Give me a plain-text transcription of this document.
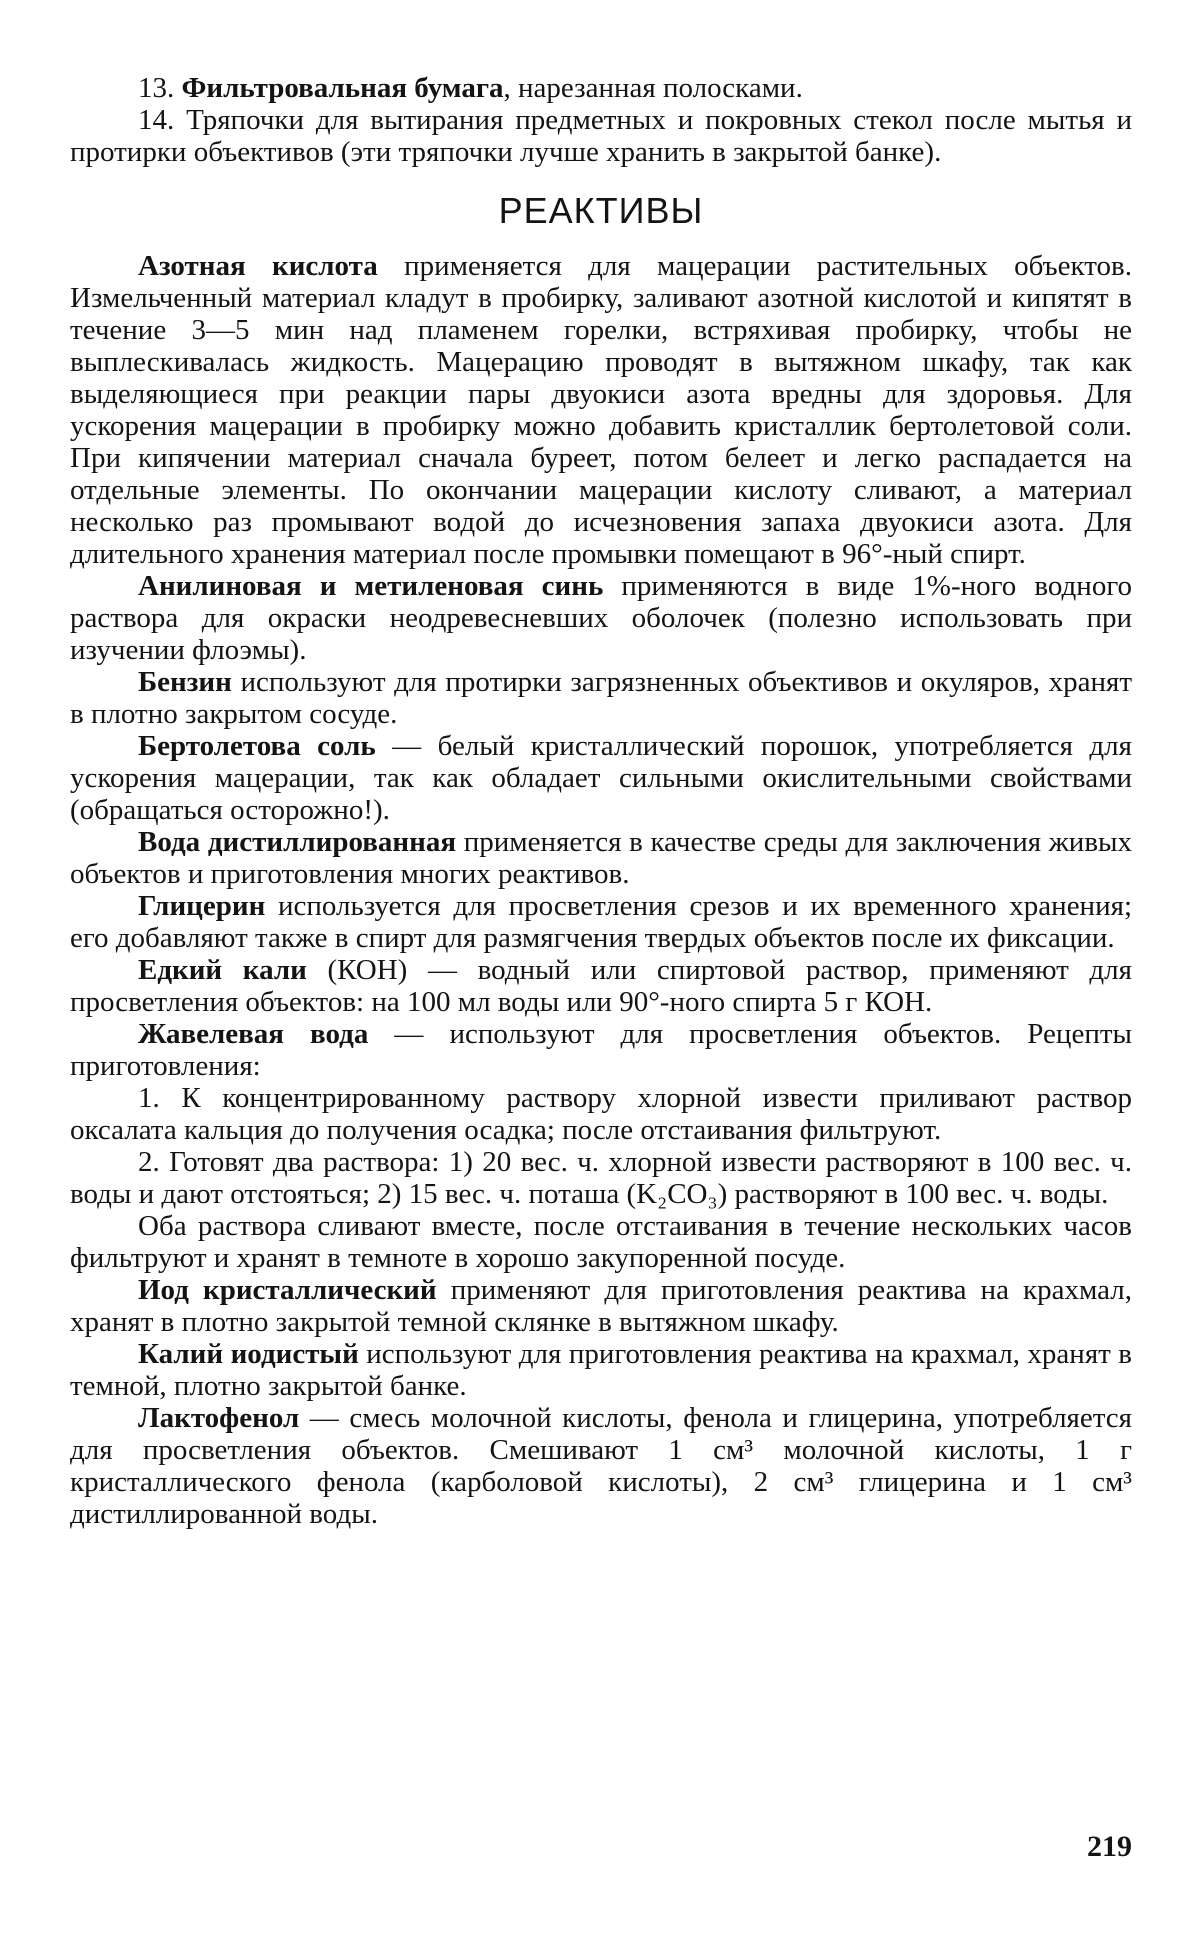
13. Фильтровальная бумага, нарезанная полосками.

14. Тряпочки для вытирания предметных и покровных стекол после мытья и протирки объективов (эти тряпочки лучше хранить в закрытой банке).

РЕАКТИВЫ

Азотная кислота применяется для мацерации растительных объектов. Измельченный материал кладут в пробирку, заливают азотной кислотой и кипятят в течение 3—5 мин над пламенем горелки, встряхивая пробирку, чтобы не выплескивалась жидкость. Мацерацию проводят в вытяжном шкафу, так как выделяющиеся при реакции пары двуокиси азота вредны для здоровья. Для ускорения мацерации в пробирку можно добавить кристаллик бертолетовой соли. При кипячении материал сначала буреет, потом белеет и легко распадается на отдельные элементы. По окончании мацерации кислоту сливают, а материал несколько раз промывают водой до исчезновения запаха двуокиси азота. Для длительного хранения материал после промывки помещают в 96°-ный спирт.

Анилиновая и метиленовая синь применяются в виде 1%-ного водного раствора для окраски неодревесневших оболочек (полезно использовать при изучении флоэмы).

Бензин используют для протирки загрязненных объективов и окуляров, хранят в плотно закрытом сосуде.

Бертолетова соль — белый кристаллический порошок, употребляется для ускорения мацерации, так как обладает сильными окислительными свойствами (обращаться осторожно!).

Вода дистиллированная применяется в качестве среды для заключения живых объектов и приготовления многих реактивов.

Глицерин используется для просветления срезов и их временного хранения; его добавляют также в спирт для размягчения твердых объектов после их фиксации.

Едкий кали (КОН) — водный или спиртовой раствор, применяют для просветления объектов: на 100 мл воды или 90°-ного спирта 5 г КОН.

Жавелевая вода — используют для просветления объектов. Рецепты приготовления:

1. К концентрированному раствору хлорной извести приливают раствор оксалата кальция до получения осадка; после отстаивания фильтруют.

2. Готовят два раствора: 1) 20 вес. ч. хлорной извести растворяют в 100 вес. ч. воды и дают отстояться; 2) 15 вес. ч. поташа (K₂CO₃) растворяют в 100 вес. ч. воды.

Оба раствора сливают вместе, после отстаивания в течение нескольких часов фильтруют и хранят в темноте в хорошо закупоренной посуде.

Иод кристаллический применяют для приготовления реактива на крахмал, хранят в плотно закрытой темной склянке в вытяжном шкафу.

Калий иодистый используют для приготовления реактива на крахмал, хранят в темной, плотно закрытой банке.

Лактофенол — смесь молочной кислоты, фенола и глицерина, употребляется для просветления объектов. Смешивают 1 см³ молочной кислоты, 1 г кристаллического фенола (карболовой кислоты), 2 см³ глицерина и 1 см³ дистиллированной воды.

219
